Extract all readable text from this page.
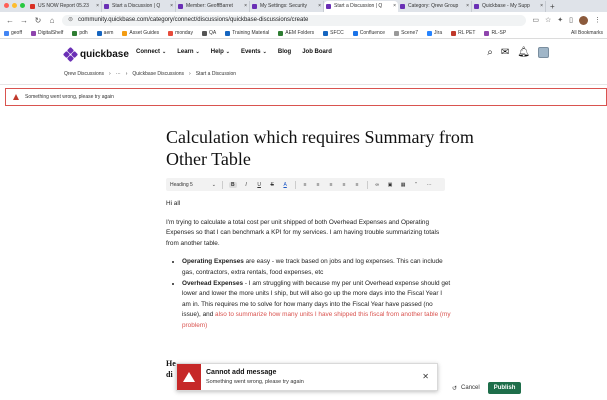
US NOW Report 05.23 ×	Start a Discussion | Q ×	Member: GeoffBarret ×	My Settings: Security ×	Start a Discussion | Q ×	Category: Qrew Group ×	Quickbase - My Supp × +
← → ↻ ⌂ ⊜ community.quickbase.com/category/connect/discussions/quickbase-discussions/create	▭ ☆ ✦ ▯	⋮
geoff	DigitalShelf	pdh	aem	Asset Guides	monday	QA	Training Material	AEM Folders	SFCC	Confluence	Scene7	Jira	RL PET	RL-SP	All Bookmarks
quickbase Connect ⌄ Learn ⌄ Help ⌄ Events ⌄ Blog Job Board	⌕ ✉ 🔔︎
Qrew Discussions › ··· › Quickbase Discussions › Start a Discussion
Something went wrong, please try again
Calculation which requires Summary from Other Table
Heading 5	⌄	B	I	U	S	A	≡	≡	≡	≡	≡	∞	▣ ▦	”	···

Hi all

I'm trying to calculate a total cost per unit shipped of both Overhead Expenses and Operating Expenses so that I can benchmark a KPI for my services. I am having trouble summarizing totals from another table.

• Operating Expenses are easy - we track based on jobs and log expenses. This can include gas, contractors, extra rentals, food expenses, etc
• Overhead Expenses - I am struggling with because my per unit Overhead expense should get lower and lower the more units I ship, but will also go up the more days into the Fiscal Year I am in. This requires me to solve for how many days into the Fiscal Year have passed (no issue), and also to summarize how many units I have shipped this fiscal from another table (my problem)
He di
↺ Cancel	Publish
Cannot add message
Something went wrong, please try again
✕
